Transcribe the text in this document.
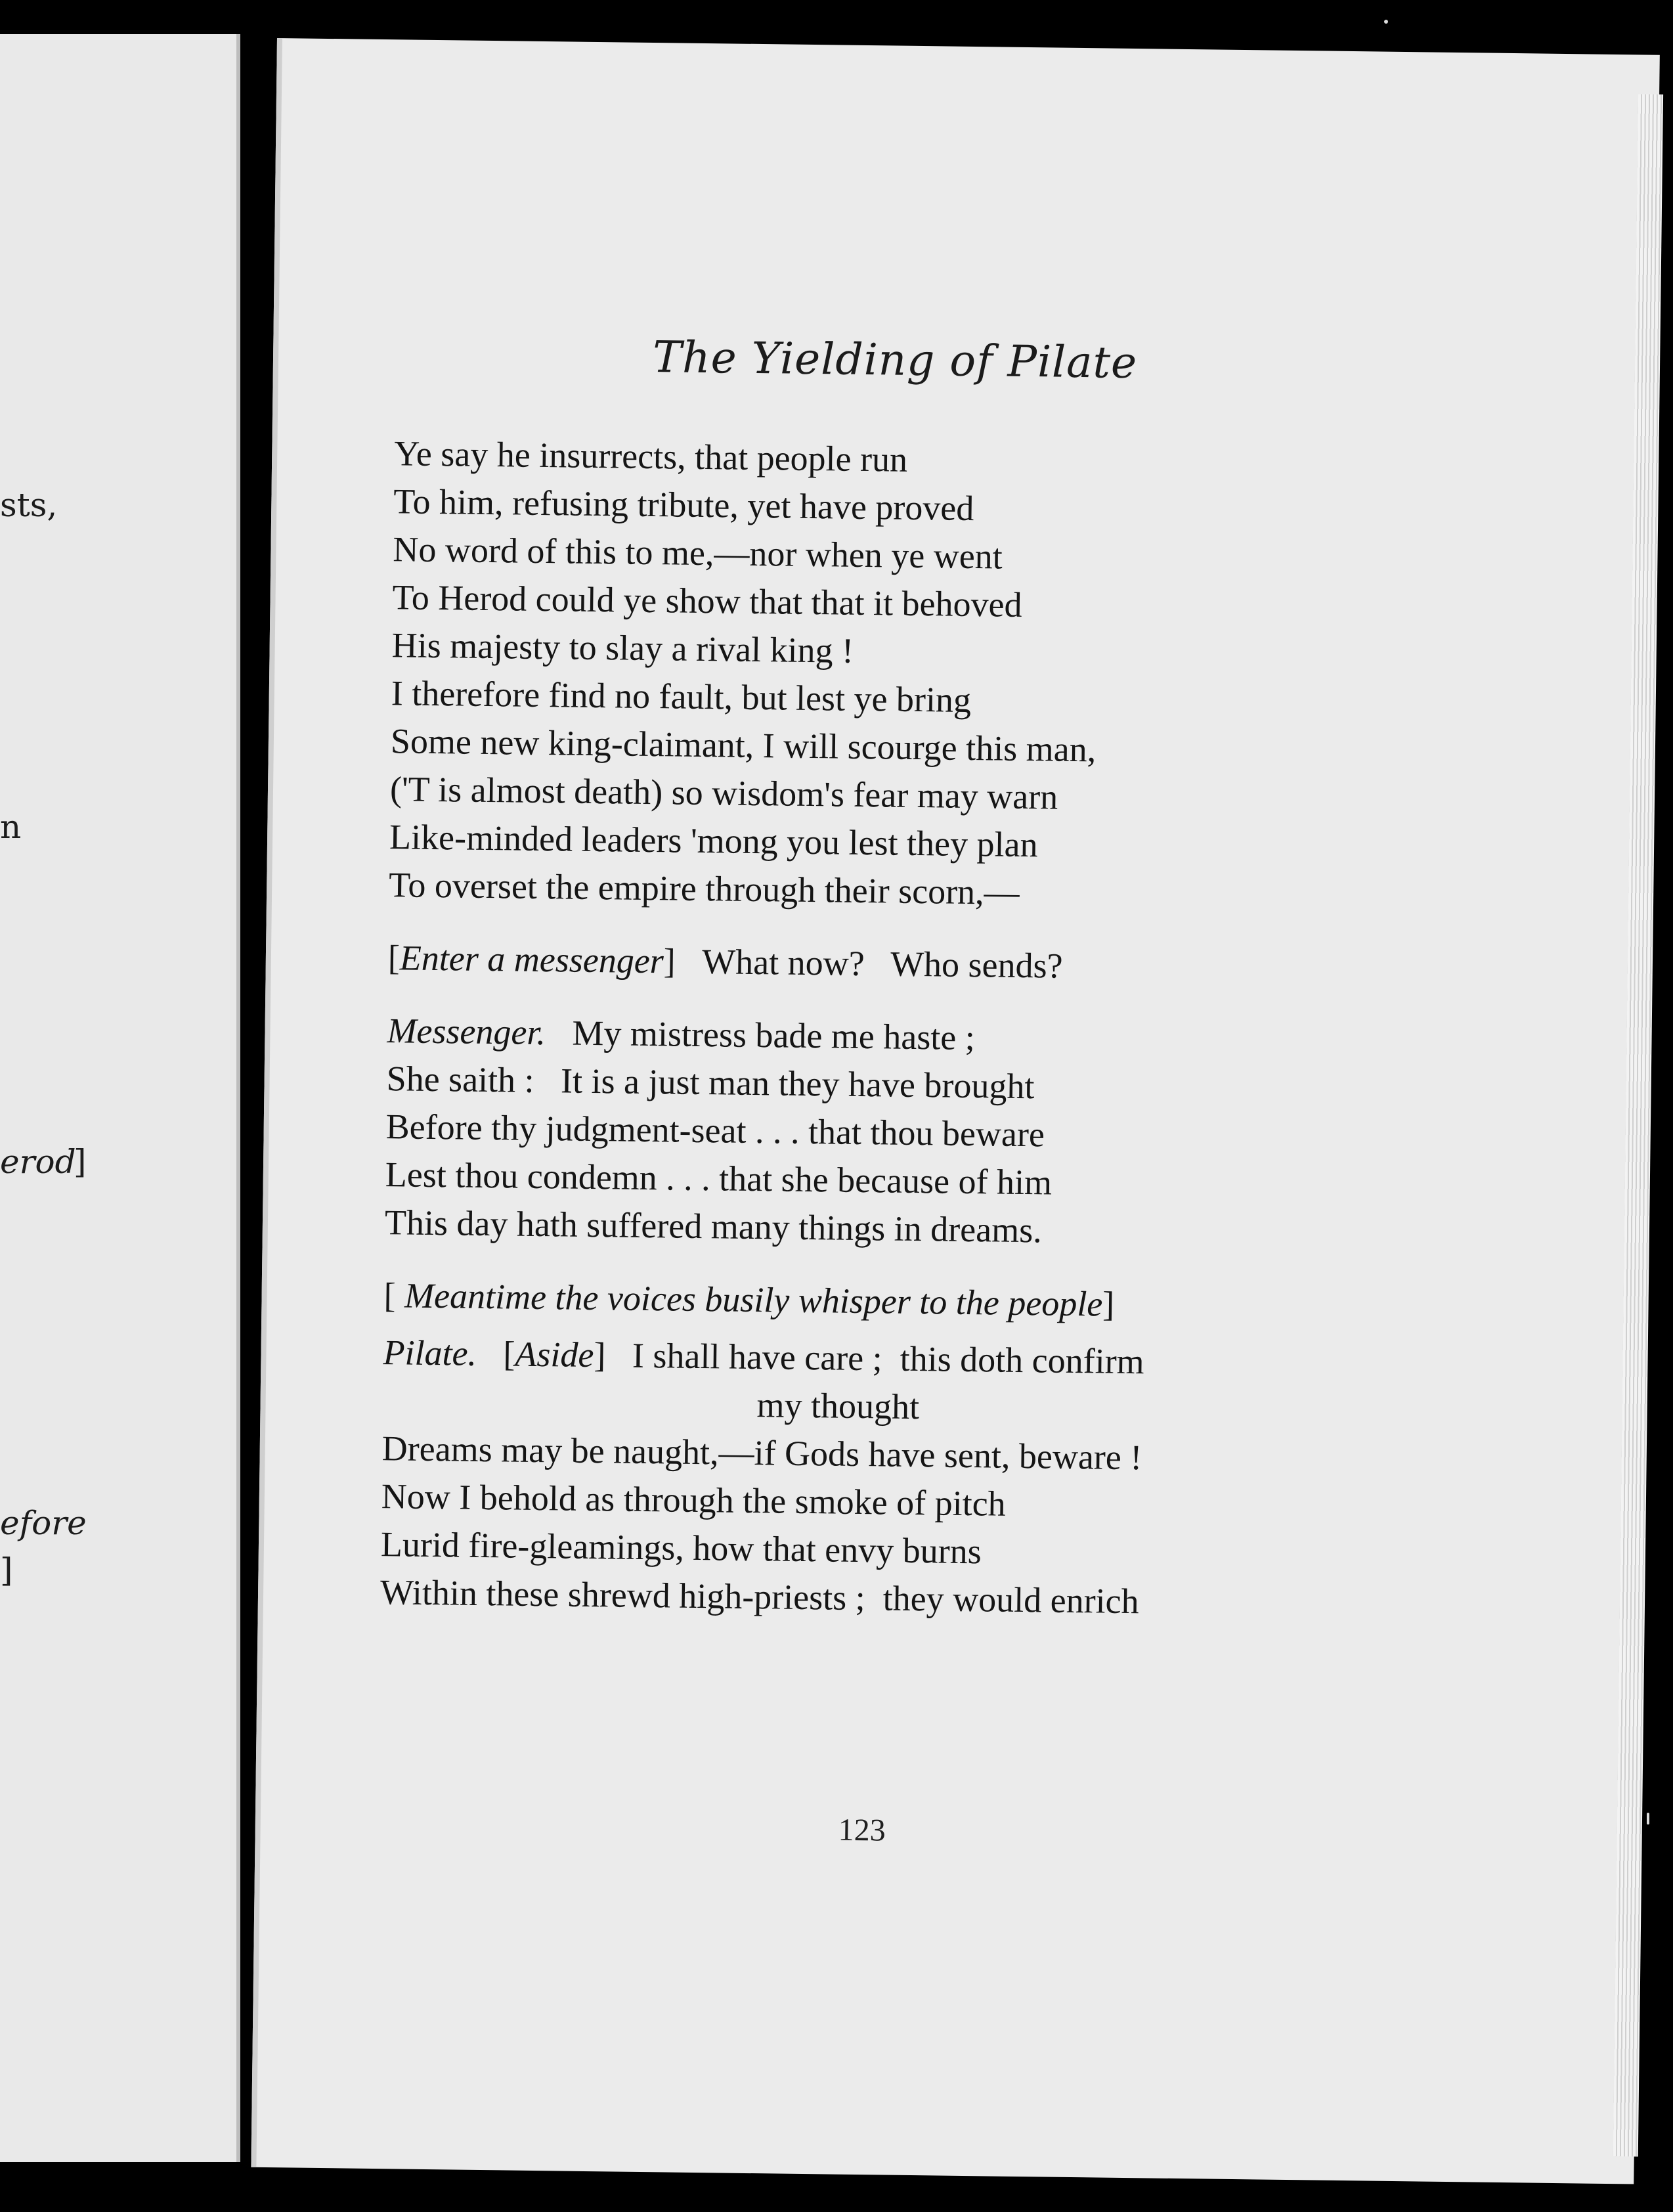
sts,
n
erod
]
efore
]
The Yielding of Pilate
Ye say he insurrects, that people run
To him, refusing tribute, yet have proved
No word of this to me,—nor when ye went
To Herod could ye show that that it behoved
His majesty to slay a rival king !
I therefore find no fault, but lest ye bring
Some new king-claimant, I will scourge this man,
('T is almost death) so wisdom's fear may warn
Like-minded leaders 'mong you lest they plan
To overset the empire through their scorn,—
[Enter a messenger] What now?   Who sends?
Messenger. My mistress bade me haste ;
She saith :   It is a just man they have brought
Before thy judgment-seat . . . that thou beware
Lest thou condemn . . . that she because of him
This day hath suffered many things in dreams.
[ Meantime the voices busily whisper to the people]
Pilate. [Aside] I shall have care ;  this doth confirm
my thought
Dreams may be naught,—if Gods have sent, beware !
Now I behold as through the smoke of pitch
Lurid fire-gleamings, how that envy burns
Within these shrewd high-priests ;  they would enrich
123
